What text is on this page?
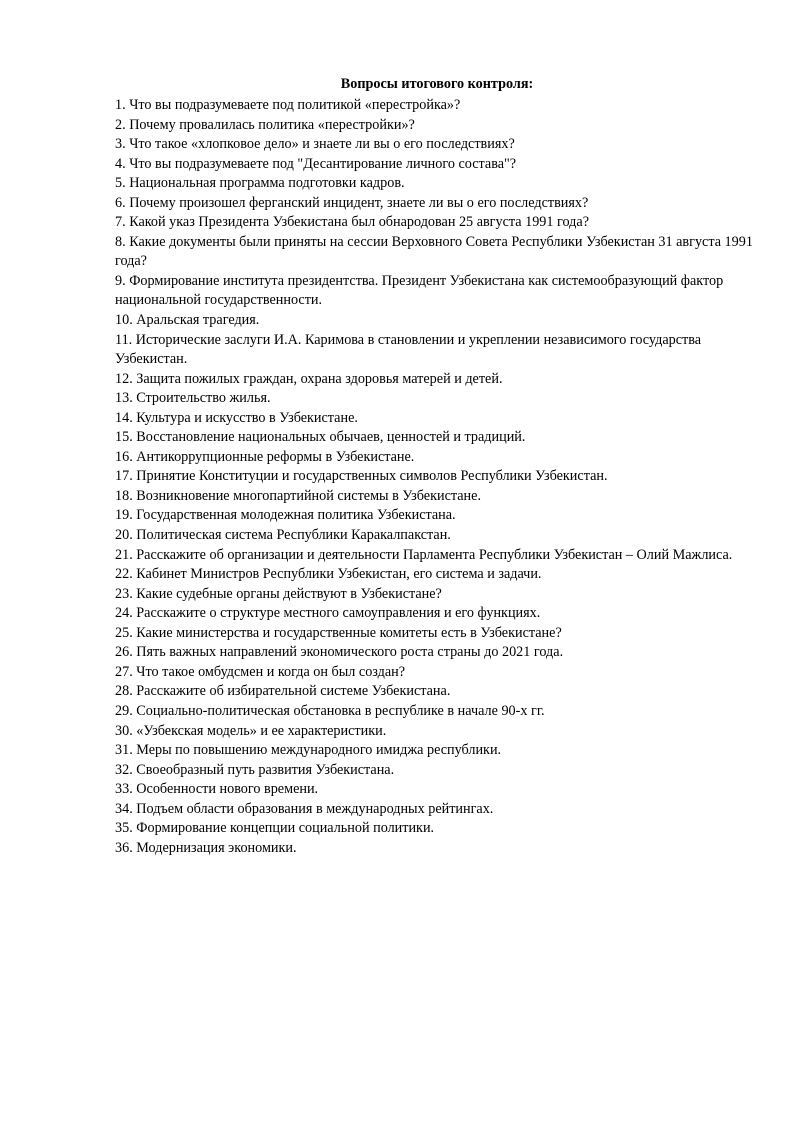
Вопросы итогового контроля:
1. Что вы подразумеваете под политикой «перестройка»?
2. Почему провалилась политика «перестройки»?
3. Что такое «хлопковое дело» и знаете ли вы о его последствиях?
4. Что вы подразумеваете под "Десантирование личного состава"?
5. Национальная программа подготовки кадров.
6. Почему произошел ферганский инцидент, знаете ли вы о его последствиях?
7. Какой указ Президента Узбекистана был обнародован 25 августа 1991 года?
8. Какие документы были приняты на сессии Верховного Совета Республики Узбекистан 31 августа 1991 года?
9. Формирование института президентства. Президент Узбекистана как системообразующий фактор национальной государственности.
10. Аральская трагедия.
11. Исторические заслуги И.А. Каримова в становлении и укреплении независимого государства Узбекистан.
12. Защита пожилых граждан, охрана здоровья матерей и детей.
13. Строительство жилья.
14. Культура и искусство в Узбекистане.
15. Восстановление национальных обычаев, ценностей и традиций.
16. Антикоррупционные реформы в Узбекистане.
17. Принятие Конституции и государственных символов Республики Узбекистан.
18. Возникновение многопартийной системы в Узбекистане.
19. Государственная молодежная политика Узбекистана.
20. Политическая система Республики Каракалпакстан.
21. Расскажите об организации и деятельности Парламента Республики Узбекистан – Олий Мажлиса.
22. Кабинет Министров Республики Узбекистан, его система и задачи.
23. Какие судебные органы действуют в Узбекистане?
24. Расскажите о структуре местного самоуправления и его функциях.
25. Какие министерства и государственные комитеты есть в Узбекистане?
26. Пять важных направлений экономического роста страны до 2021 года.
27. Что такое омбудсмен и когда он был создан?
28. Расскажите об избирательной системе Узбекистана.
29. Социально-политическая обстановка в республике в начале 90-х гг.
30. «Узбекская модель» и ее характеристики.
31. Меры по повышению международного имиджа республики.
32. Своеобразный путь развития Узбекистана.
33. Особенности нового времени.
34. Подъем области образования в международных рейтингах.
35. Формирование концепции социальной политики.
36. Модернизация экономики.
